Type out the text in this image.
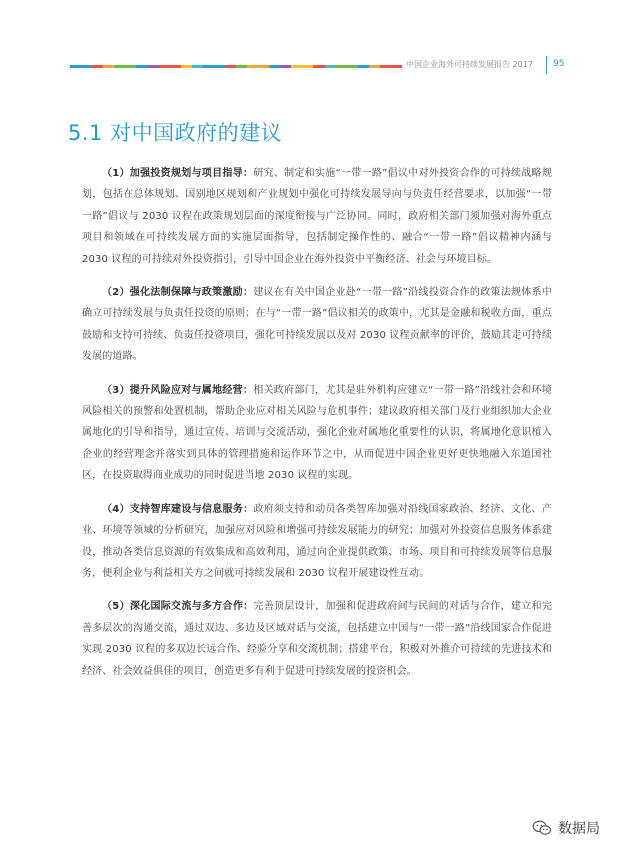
中国企业海外可持续发展报告 2017 95
5.1 对中国政府的建议

（1）加强投资规划与项目指导：研究、制定和实施“一带一路”倡议中对外投资合作的可持续战略规划，包括在总体规划、国别地区规划和产业规划中强化可持续发展导向与负责任经营要求，以加强“一带一路”倡议与 2030 议程在政策规划层面的深度衔接与广泛协同。同时，政府相关部门须加强对海外重点项目和领域在可持续发展方面的实施层面指导，包括制定操作性的、融合“一带一路”倡议精神内涵与 2030 议程的可持续对外投资指引，引导中国企业在海外投资中平衡经济、社会与环境目标。

（2）强化法制保障与政策激励：建议在有关中国企业赴“一带一路”沿线投资合作的政策法规体系中确立可持续发展与负责任投资的原则；在与“一带一路”倡议相关的政策中，尤其是金融和税收方面，重点鼓励和支持可持续、负责任投资项目，强化可持续发展以及对 2030 议程贡献率的评价，鼓励其走可持续发展的道路。

（3）提升风险应对与属地经营：相关政府部门，尤其是驻外机构应建立“一带一路”沿线社会和环境风险相关的预警和处置机制，帮助企业应对相关风险与危机事件；建议政府相关部门及行业组织加大企业属地化的引导和指导，通过宣传、培训与交流活动，强化企业对属地化重要性的认识，将属地化意识植入企业的经营理念并落实到具体的管理措施和运作环节之中，从而促进中国企业更好更快地融入东道国社区，在投资取得商业成功的同时促进当地 2030 议程的实现。

（4）支持智库建设与信息服务：政府须支持和动员各类智库加强对沿线国家政治、经济、文化、产业、环境等领域的分析研究，加强应对风险和增强可持续发展能力的研究；加强对外投资信息服务体系建设，推动各类信息资源的有效集成和高效利用，通过向企业提供政策、市场、项目和可持续发展等信息服务，便利企业与利益相关方之间就可持续发展和 2030 议程开展建设性互动。

（5）深化国际交流与多方合作：完善顶层设计，加强和促进政府间与民间的对话与合作，建立和完善多层次的沟通交流，通过双边、多边及区域对话与交流，包括建立中国与“一带一路”沿线国家合作促进实现 2030 议程的多双边长远合作、经验分享和交流机制；搭建平台，积极对外推介可持续的先进技术和经济、社会效益俱佳的项目，创造更多有利于促进可持续发展的投资机会。

数据局
